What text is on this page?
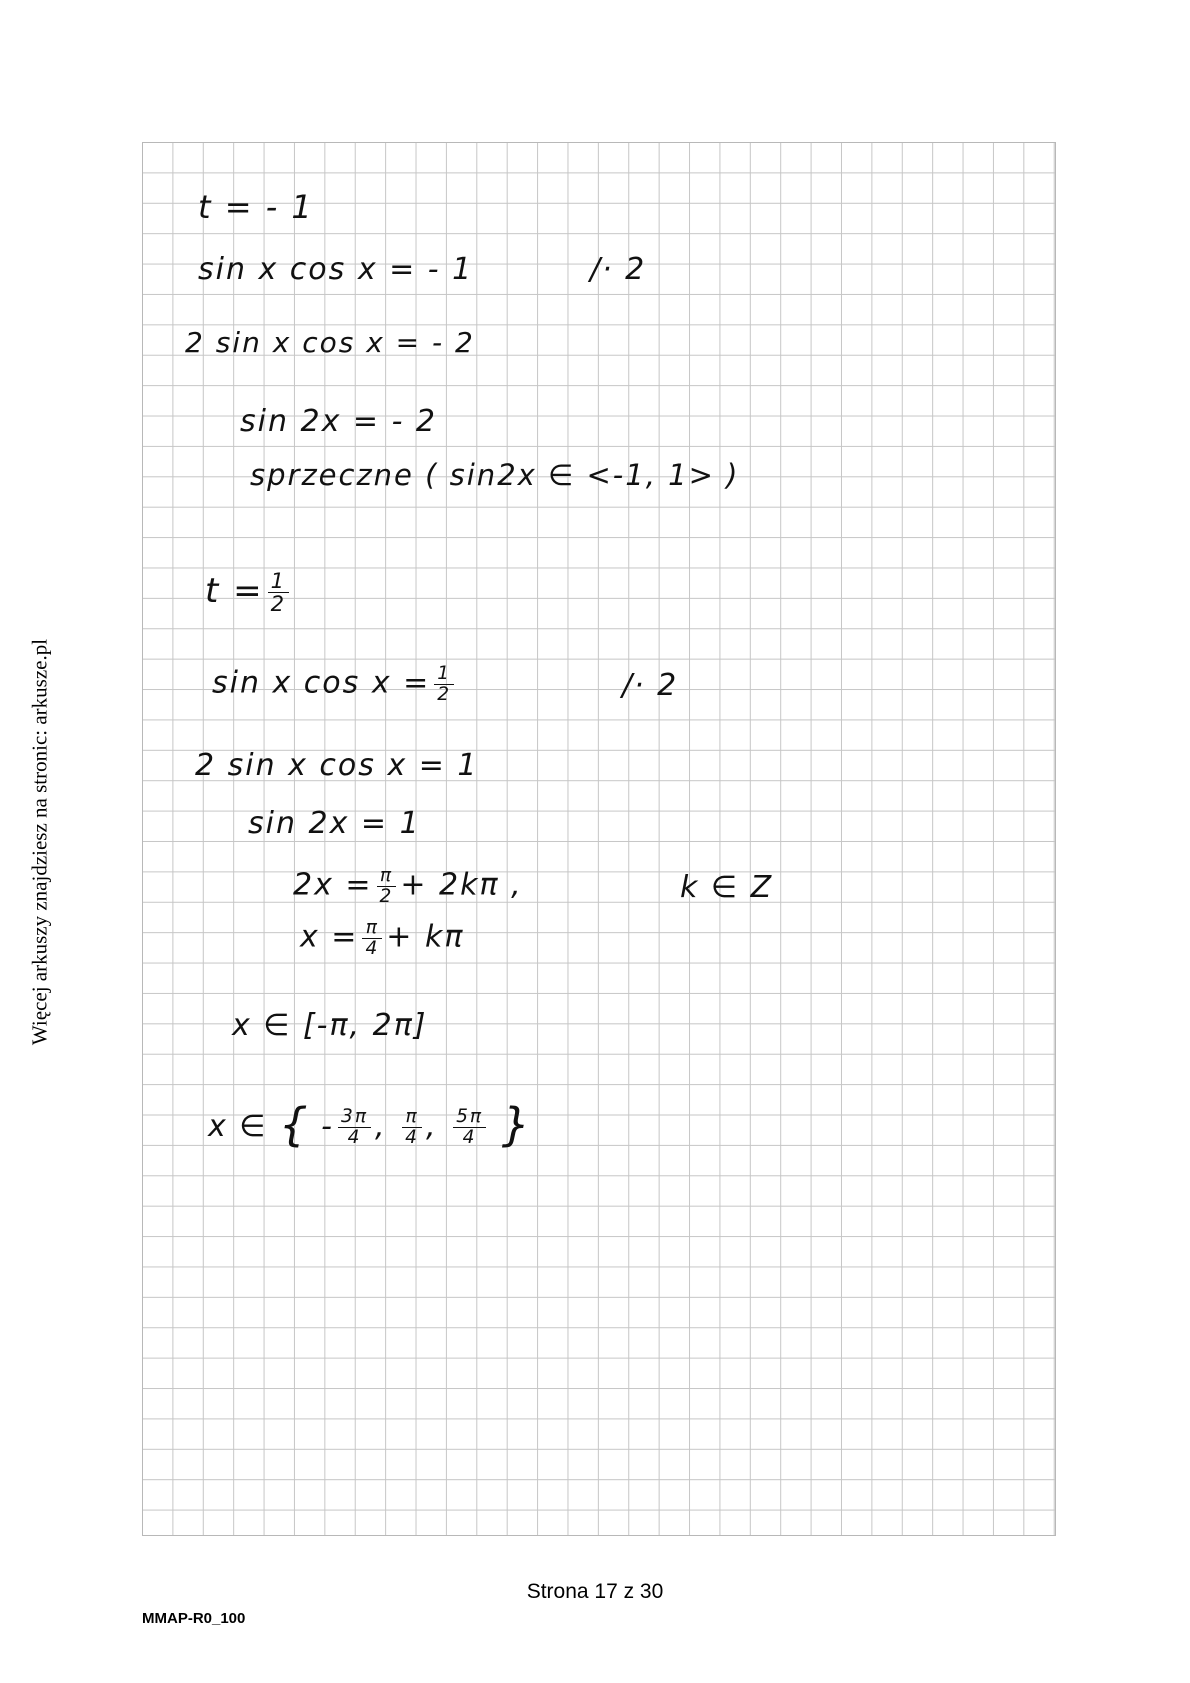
Więcej arkuszy znajdziesz na stronic: arkusze.pl
t = - 1
sin x cos x = - 1	/· 2
2 sin x cos x = - 2
sin 2x = - 2
sprzeczne ( sin2x ∈ <-1, 1> )
$t = \frac{1}{2}$
sin x $\cos x = \frac{1}{2}$	/· 2
2 sin x cos x = 1
sin 2x = 1
$2x = \frac{\pi}{2} + 2k\pi$ ,	k ∈ Z
$x = \frac{\pi}{4} + k\pi$
x ∈ [-π, 2π]
x ∈ { - $\frac{3\pi}{4}$ , $\frac{\pi}{4}$ , $\frac{5\pi}{4}$ }
Strona 17 z 30
MMAP-R0_100
